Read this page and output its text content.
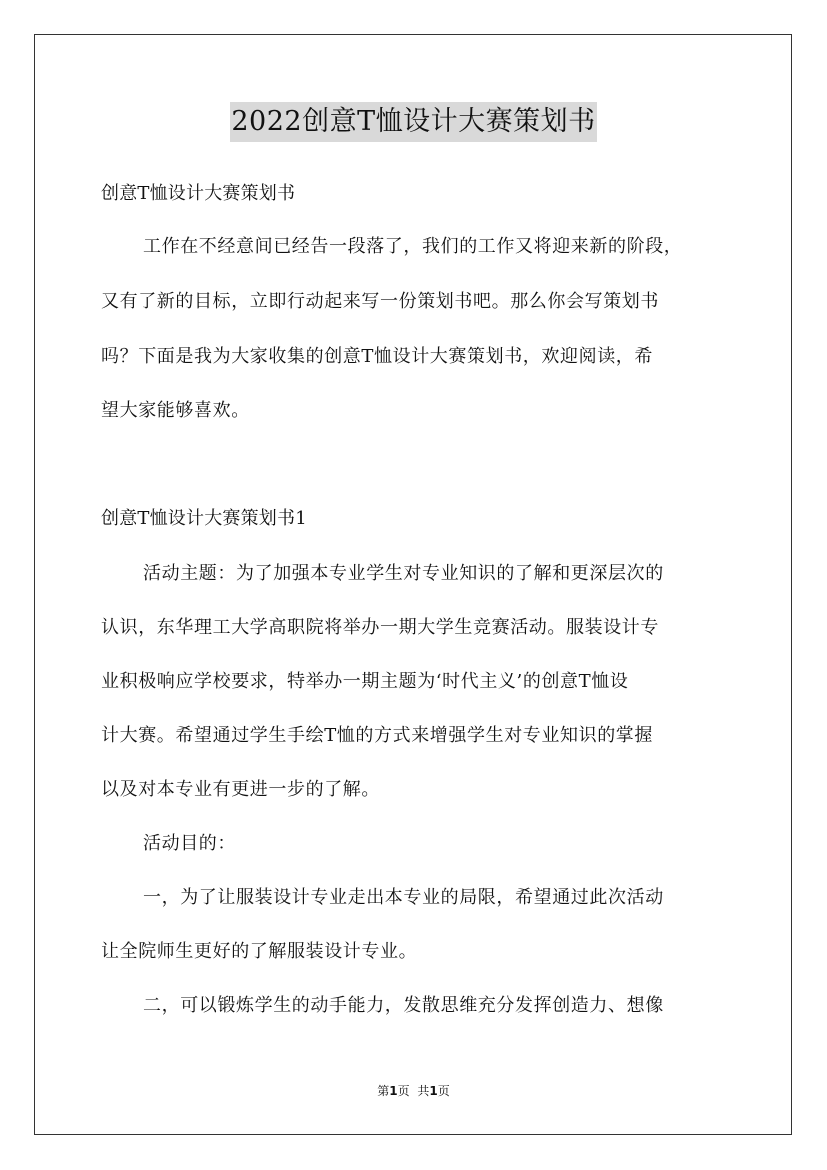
2022创意T恤设计大赛策划书

创意T恤设计大赛策划书

工作在不经意间已经告一段落了，我们的工作又将迎来新的阶段，

又有了新的目标，立即行动起来写一份策划书吧。那么你会写策划书

吗？下面是我为大家收集的创意T恤设计大赛策划书，欢迎阅读，希

望大家能够喜欢。

创意T恤设计大赛策划书1

活动主题：为了加强本专业学生对专业知识的了解和更深层次的

认识，东华理工大学高职院将举办一期大学生竞赛活动。服装设计专

业积极响应学校要求，特举办一期主题为‘时代主义’的创意T恤设

计大赛。希望通过学生手绘T恤的方式来增强学生对专业知识的掌握

以及对本专业有更进一步的了解。

活动目的：

一，为了让服装设计专业走出本专业的局限，希望通过此次活动

让全院师生更好的了解服装设计专业。

二，可以锻炼学生的动手能力，发散思维充分发挥创造力、想像

第1页 共1页
